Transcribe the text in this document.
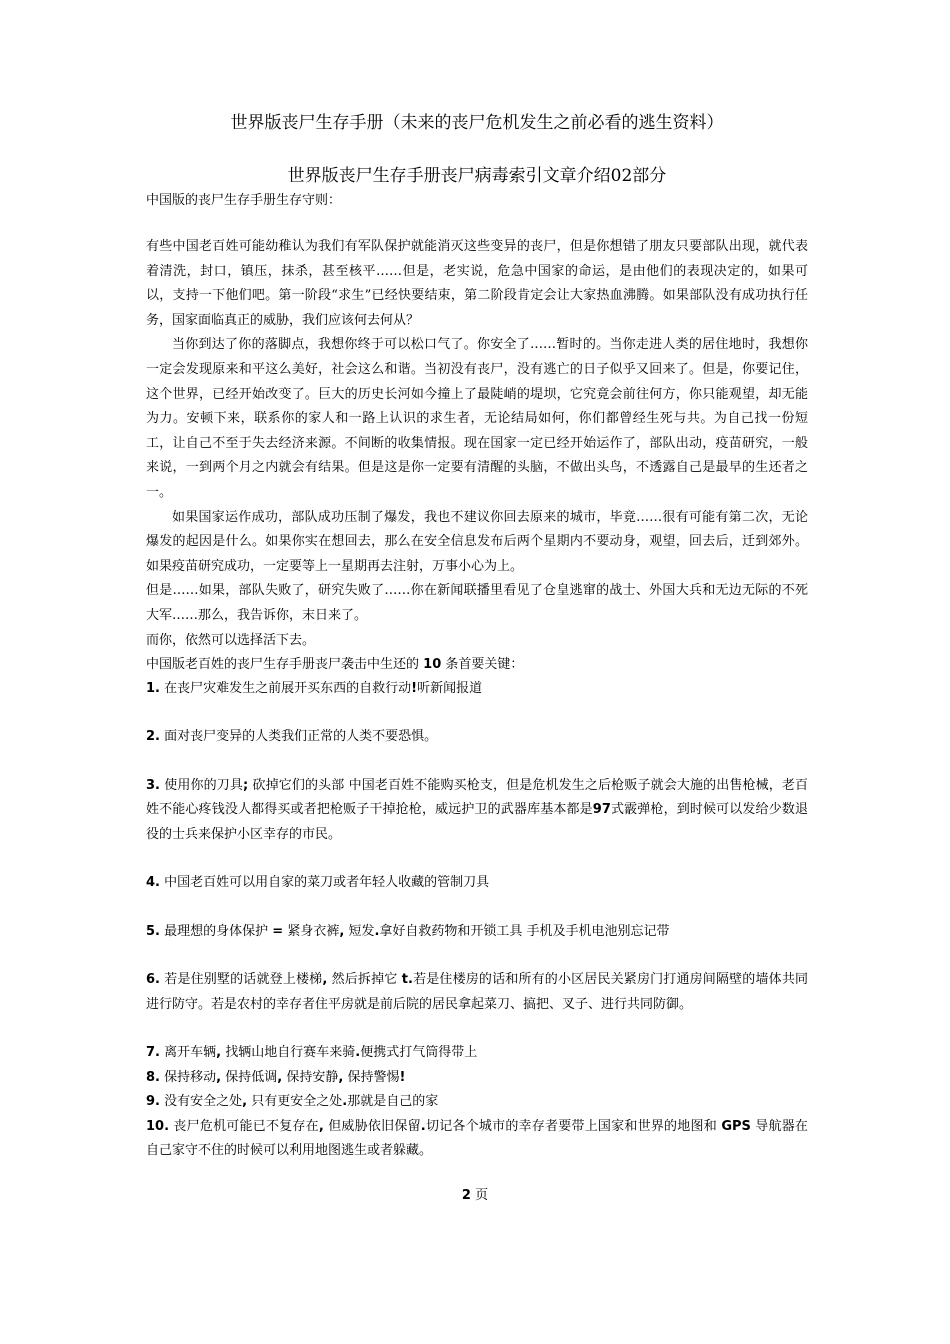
世界版丧尸生存手册（未来的丧尸危机发生之前必看的逃生资料）

世界版丧尸生存手册丧尸病毒索引文章介绍02部分

中国版的丧尸生存手册生存守则：

有些中国老百姓可能幼稚认为我们有军队保护就能消灭这些变异的丧尸，但是你想错了朋友只要部队出现，就代表着清洗，封口，镇压，抹杀，甚至核平……但是，老实说，危急中国家的命运，是由他们的表现决定的，如果可以，支持一下他们吧。第一阶段“求生”已经快要结束，第二阶段肯定会让大家热血沸腾。如果部队没有成功执行任务，国家面临真正的威胁，我们应该何去何从？

当你到达了你的落脚点，我想你终于可以松口气了。你安全了……暂时的。当你走进人类的居住地时，我想你一定会发现原来和平这么美好，社会这么和谐。当初没有丧尸，没有逃亡的日子似乎又回来了。但是，你要记住，这个世界，已经开始改变了。巨大的历史长河如今撞上了最陡峭的堤坝，它究竟会前往何方，你只能观望，却无能为力。安顿下来，联系你的家人和一路上认识的求生者，无论结局如何，你们都曾经生死与共。为自己找一份短工，让自己不至于失去经济来源。不间断的收集情报。现在国家一定已经开始运作了，部队出动，疫苗研究，一般来说，一到两个月之内就会有结果。但是这是你一定要有清醒的头脑，不做出头鸟，不透露自己是最早的生还者之一。

如果国家运作成功，部队成功压制了爆发，我也不建议你回去原来的城市，毕竟……很有可能有第二次，无论爆发的起因是什么。如果你实在想回去，那么在安全信息发布后两个星期内不要动身，观望，回去后，迁到郊外。如果疫苗研究成功，一定要等上一星期再去注射，万事小心为上。

但是……如果，部队失败了，研究失败了……你在新闻联播里看见了仓皇逃窜的战士、外国大兵和无边无际的不死大军……那么，我告诉你，末日来了。

而你，依然可以选择活下去。

中国版老百姓的丧尸生存手册丧尸袭击中生还的 10 条首要关键：

1. 在丧尸灾难发生之前展开买东西的自救行动!听新闻报道

2. 面对丧尸变异的人类我们正常的人类不要恐惧。

3. 使用你的刀具; 砍掉它们的头部 中国老百姓不能购买枪支，但是危机发生之后枪贩子就会大施的出售枪械，老百姓不能心疼钱没人都得买或者把枪贩子干掉抢枪，威远护卫的武器库基本都是97式霰弹枪，到时候可以发给少数退役的士兵来保护小区幸存的市民。

4. 中国老百姓可以用自家的菜刀或者年轻人收藏的管制刀具

5. 最理想的身体保护 = 紧身衣裤, 短发.拿好自救药物和开锁工具 手机及手机电池别忘记带

6. 若是住别墅的话就登上楼梯, 然后拆掉它 t.若是住楼房的话和所有的小区居民关紧房门打通房间隔壁的墙体共同进行防守。若是农村的幸存者住平房就是前后院的居民拿起菜刀、搞把、叉子、进行共同防御。

7. 离开车辆, 找辆山地自行赛车来骑.便携式打气筒得带上

8. 保持移动, 保持低调, 保持安静, 保持警惕!

9. 没有安全之处, 只有更安全之处.那就是自己的家

10. 丧尸危机可能已不复存在, 但威胁依旧保留.切记各个城市的幸存者要带上国家和世界的地图和 GPS 导航器在自己家守不住的时候可以利用地图逃生或者躲藏。

2 页
